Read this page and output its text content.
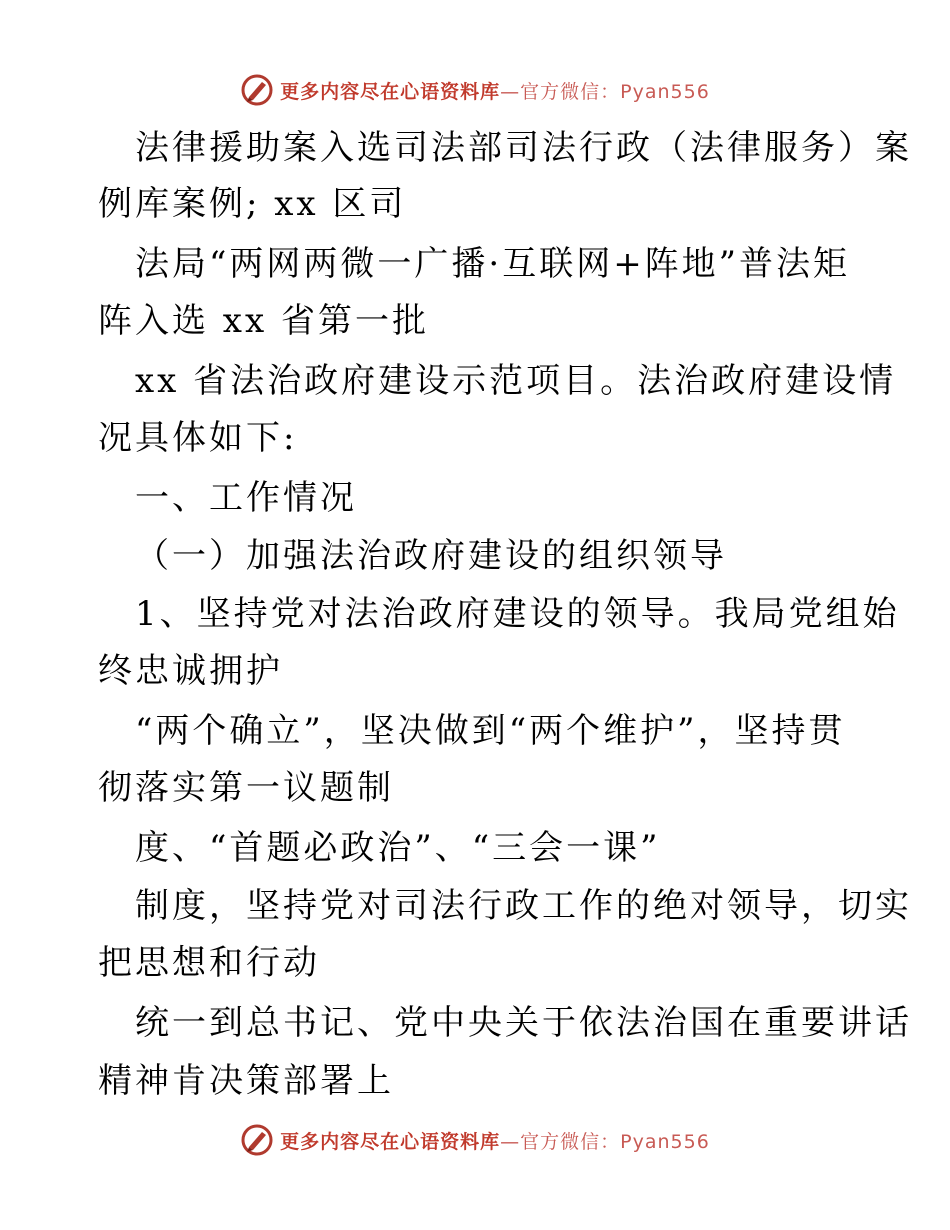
更多内容尽在心语资料库—官方微信：Pyan556
法律援助案入选司法部司法行政（法律服务）案
例库案例; xx 区司
法局“两网两微一广播·互联网+阵地”普法矩
阵入选 xx 省第一批
xx 省法治政府建设示范项目。法治政府建设情
况具体如下:
一、工作情况
（一）加强法治政府建设的组织领导
1、坚持党对法治政府建设的领导。我局党组始
终忠诚拥护
“两个确立”，坚决做到“两个维护”，坚持贯
彻落实第一议题制
度、“首题必政治”、“三会一课”
制度，坚持党对司法行政工作的绝对领导，切实
把思想和行动
统一到总书记、党中央关于依法治国在重要讲话
精神肯决策部署上
更多内容尽在心语资料库—官方微信：Pyan556
